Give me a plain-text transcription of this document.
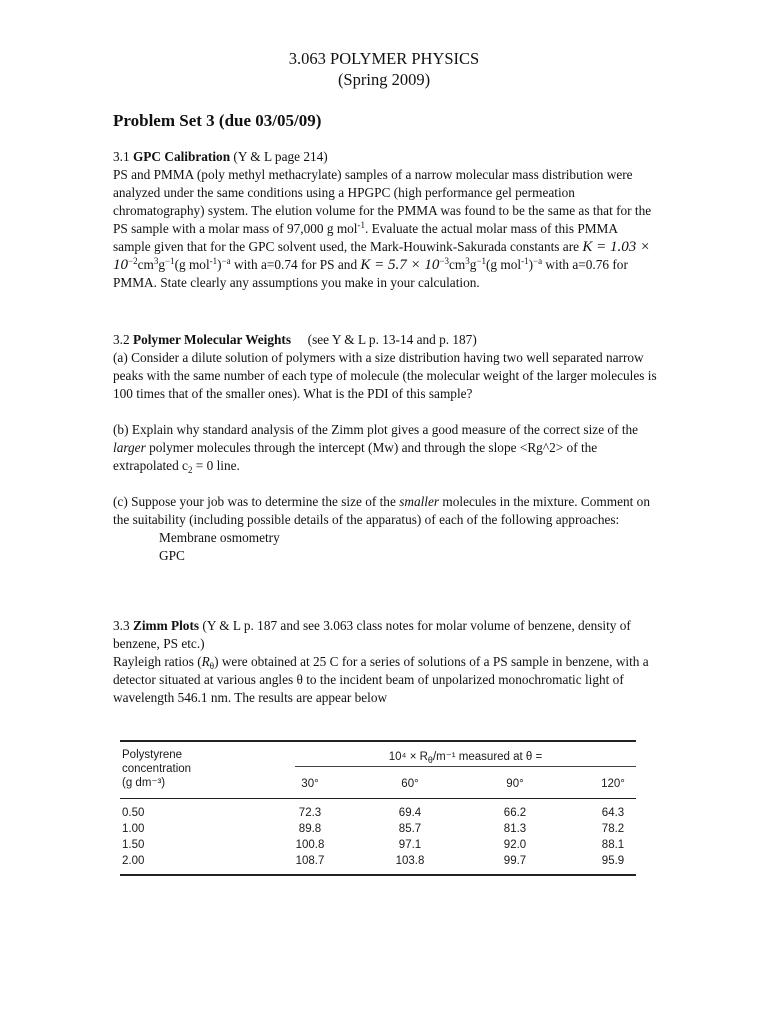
3.063 POLYMER PHYSICS
(Spring 2009)
Problem Set 3 (due 03/05/09)

3.1 GPC Calibration (Y & L page 214)
PS and PMMA (poly methyl methacrylate) samples of a narrow molecular mass distribution were analyzed under the same conditions using a HPGPC (high performance gel permeation chromatography) system. The elution volume for the PMMA was found to be the same as that for the PS sample with a molar mass of 97,000 g mol$^{-1}$. Evaluate the actual molar mass of this PMMA sample given that for the GPC solvent used, the Mark-Houwink-Sakurada constants are $K = 1.03 \times 10^{-2}cm^3g^{-1}(g$ mol$^{-1}$)$^{-a}$ with a=0.74 for PS and $K = 5.7 \times 10^{-3}cm^3g^{-1}(g$ mol$^{-1}$)$^{-a}$ with a=0.76 for PMMA. State clearly any assumptions you make in your calculation.

3.2 Polymer Molecular Weights     (see Y & L p. 13-14 and p. 187)

(a) Consider a dilute solution of polymers with a size distribution having two well separated narrow peaks with the same number of each type of molecule (the molecular weight of the larger molecules is 100 times that of the smaller ones). What is the PDI of this sample?

(b) Explain why standard analysis of the Zimm plot gives a good measure of the correct size of the larger polymer molecules through the intercept (Mw) and through the slope <Rg^2> of the extrapolated $c_2 = 0$ line.

(c) Suppose your job was to determine the size of the smaller molecules in the mixture. Comment on the suitability (including possible details of the apparatus) of each of the following approaches:

Membrane osmometry

GPC

3.3 Zimm Plots (Y & L p. 187 and see 3.063 class notes for molar volume of benzene, density of benzene, PS etc.)

Rayleigh ratios $(R_\theta)$ were obtained at 25 C for a series of solutions of a PS sample in benzene, with a detector situated at various angles θ to the incident beam of unpolarized monochromatic light of wavelength 546.1 nm. The results are appear below

Polystyrene
concentration
(g dm⁻³)
$10^4 \times R_\theta/m^{-1}$ measured at θ =
30°	60°	90°	120°
0.50	72.3	69.4	66.2	64.3
1.00	89.8	85.7	81.3	78.2
1.50	100.8	97.1	92.0	88.1
2.00	108.7	103.8	99.7	95.9
